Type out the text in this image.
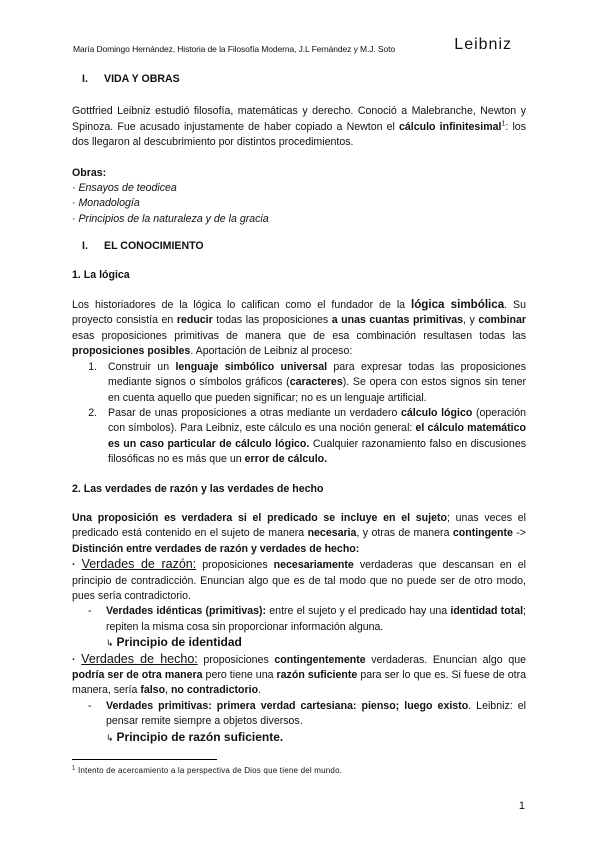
María Domingo Hernández, Historia de la Filosofía Moderna, J.L Fernández y M.J. Soto	Leibniz
I. VIDA Y OBRAS

Gottfried Leibniz estudió filosofía, matemáticas y derecho. Conoció a Malebranche, Newton y Spinoza. Fue acusado injustamente de haber copiado a Newton el cálculo infinitesimal$^1$: los dos llegaron al descubrimiento por distintos procedimientos.

Obras:
· Ensayos de teodicea
· Monadología
· Principios de la naturaleza y de la gracia
I. EL CONOCIMIENTO
1. La lógica

Los historiadores de la lógica lo califican como el fundador de la lógica simbólica. Su proyecto consistía en reducir todas las proposiciones a unas cuantas primitivas, y combinar esas proposiciones primitivas de manera que de esa combinación resultasen todas las proposiciones posibles. Aportación de Leibniz al proceso:

1. Construir un lenguaje simbólico universal para expresar todas las proposiciones mediante signos o símbolos gráficos (caracteres). Se opera con estos signos sin tener en cuenta aquello que pueden significar; no es un lenguaje artificial.
2. Pasar de unas proposiciones a otras mediante un verdadero cálculo lógico (operación con símbolos). Para Leibniz, este cálculo es una noción general: el cálculo matemático es un caso particular de cálculo lógico. Cualquier razonamiento falso en discusiones filosóficas no es más que un error de cálculo.
2. Las verdades de razón y las verdades de hecho

Una proposición es verdadera si el predicado se incluye en el sujeto; unas veces el predicado está contenido en el sujeto de manera necesaria, y otras de manera contingente -> Distinción entre verdades de razón y verdades de hecho:

· Verdades de razón: proposiciones necesariamente verdaderas que descansan en el principio de contradicción. Enuncian algo que es de tal modo que no puede ser de otro modo, pues sería contradictorio.

- Verdades idénticas (primitivas): entre el sujeto y el predicado hay una identidad total; repiten la misma cosa sin proporcionar información alguna.
↳ Principio de identidad

· Verdades de hecho: proposiciones contingentemente verdaderas. Enuncian algo que podría ser de otra manera pero tiene una razón suficiente para ser lo que es. Si fuese de otra manera, sería falso, no contradictorio.

- Verdades primitivas: primera verdad cartesiana: pienso; luego existo. Leibniz: el pensar remite siempre a objetos diversos.
↳ Principio de razón suficiente.
$^1$ Intento de acercamiento a la perspectiva de Dios que tiene del mundo.
1
